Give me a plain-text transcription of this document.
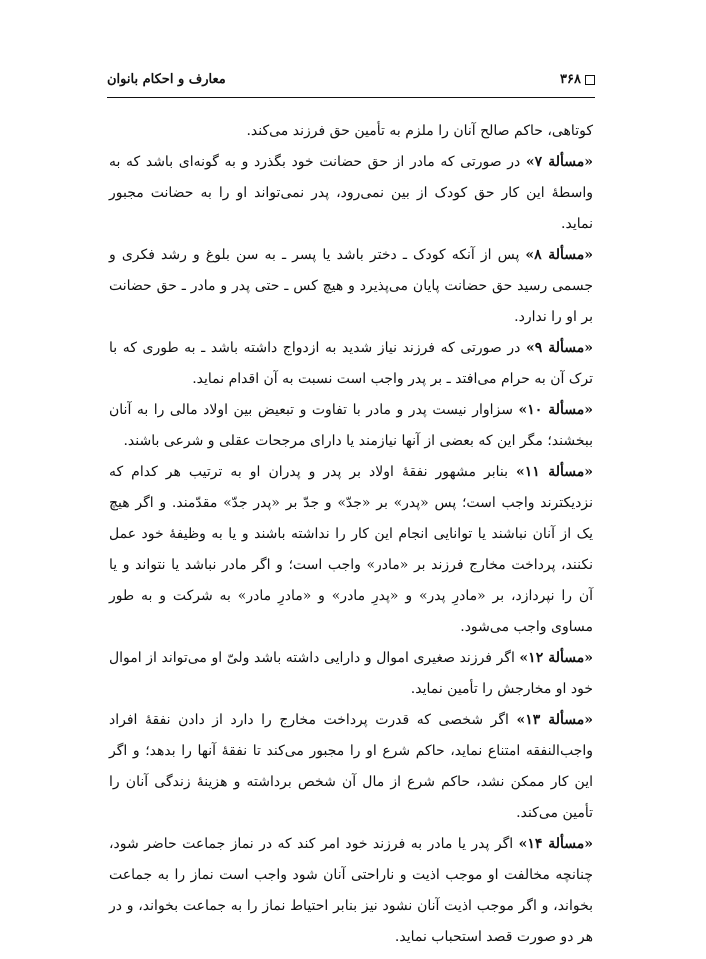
۳۶۸
معارف و احکام بانوان

کوتاهی، حاکم صالح آنان را ملزم به تأمین حق فرزند می‌کند.

«مسألة ۷» در صورتی که مادر از حق حضانت خود بگذرد و به گونه‌ای باشد که به واسطهٔ این کار حق کودک از بین نمی‌رود، پدر نمی‌تواند او را به حضانت مجبور نماید.

«مسألة ۸» پس از آنکه کودک ـ دختر باشد یا پسر ـ به سن بلوغ و رشد فکری و جسمی رسید حق حضانت پایان می‌پذیرد و هیچ کس ـ حتی پدر و مادر ـ حق حضانت بر او را ندارد.

«مسألة ۹» در صورتی که فرزند نیاز شدید به ازدواج داشته باشد ـ به طوری که با ترک آن به حرام می‌افتد ـ بر پدر واجب است نسبت به آن اقدام نماید.

«مسألة ۱۰» سزاوار نیست پدر و مادر با تفاوت و تبعیض بین اولاد مالی را به آنان ببخشند؛ مگر این که بعضی از آنها نیازمند یا دارای مرجحات عقلی و شرعی باشند.

«مسألة ۱۱» بنابر مشهور نفقهٔ اولاد بر پدر و پدران او به ترتیب هر کدام که نزدیکترند واجب است؛ پس «پدر» بر «جدّ» و جدّ بر «پدر جدّ» مقدّمند. و اگر هیچ یک از آنان نباشند یا توانایی انجام این کار را نداشته باشند و یا به وظیفهٔ خود عمل نکنند، پرداخت مخارج فرزند بر «مادر» واجب است؛ و اگر مادر نباشد یا نتواند و یا آن را نپردازد، بر «مادرِ پدر» و «پدرِ مادر» و «مادرِ مادر» به شرکت و به طور مساوی واجب می‌شود.

«مسألة ۱۲» اگر فرزند صغیری اموال و دارایی داشته باشد ولیّ او می‌تواند از اموال خود او مخارجش را تأمین نماید.

«مسألة ۱۳» اگر شخصی که قدرت پرداخت مخارج را دارد از دادن نفقهٔ افراد واجب‌النفقه امتناع نماید، حاکم شرع او را مجبور می‌کند تا نفقهٔ آنها را بدهد؛ و اگر این کار ممکن نشد، حاکم شرع از مال آن شخص برداشته و هزینهٔ زندگی آنان را تأمین می‌کند.

«مسألة ۱۴» اگر پدر یا مادر به فرزند خود امر کند که در نماز جماعت حاضر شود، چنانچه مخالفت او موجب اذیت و ناراحتی آنان شود واجب است نماز را به جماعت بخواند، و اگر موجب اذیت آنان نشود نیز بنابر احتیاط نماز را به جماعت بخواند، و در هر دو صورت قصد استحباب نماید.
